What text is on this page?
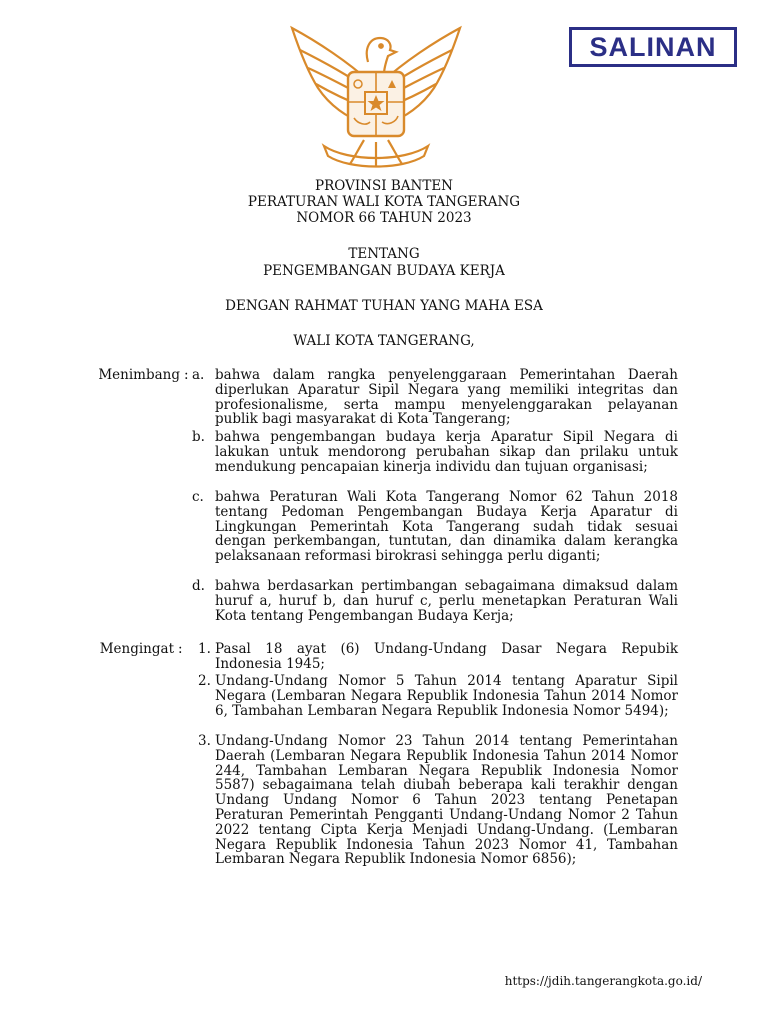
SALINAN
PROVINSI BANTEN
PERATURAN WALI KOTA TANGERANG
NOMOR 66 TAHUN 2023
TENTANG
PENGEMBANGAN BUDAYA KERJA
DENGAN RAHMAT TUHAN YANG MAHA ESA
WALI KOTA TANGERANG,
Menimbang : a. bahwa dalam rangka penyelenggaraan Pemerintahan Daerah diperlukan Aparatur Sipil Negara yang memiliki integritas dan profesionalisme, serta mampu menyelenggarakan pelayanan publik bagi masyarakat di Kota Tangerang;
b. bahwa pengembangan budaya kerja Aparatur Sipil Negara di lakukan untuk mendorong perubahan sikap dan prilaku untuk mendukung pencapaian kinerja individu dan tujuan organisasi;
c. bahwa Peraturan Wali Kota Tangerang Nomor 62 Tahun 2018 tentang Pedoman Pengembangan Budaya Kerja Aparatur di Lingkungan Pemerintah Kota Tangerang sudah tidak sesuai dengan perkembangan, tuntutan, dan dinamika dalam kerangka pelaksanaan reformasi birokrasi sehingga perlu diganti;
d. bahwa berdasarkan pertimbangan sebagaimana dimaksud dalam huruf a, huruf b, dan huruf c, perlu menetapkan Peraturan Wali Kota tentang Pengembangan Budaya Kerja;
Mengingat : 1. Pasal 18 ayat (6) Undang-Undang Dasar Negara Repubik Indonesia 1945;
2. Undang-Undang Nomor 5 Tahun 2014 tentang Aparatur Sipil Negara (Lembaran Negara Republik Indonesia Tahun 2014 Nomor 6, Tambahan Lembaran Negara Republik Indonesia Nomor 5494);
3. Undang-Undang Nomor 23 Tahun 2014 tentang Pemerintahan Daerah (Lembaran Negara Republik Indonesia Tahun 2014 Nomor 244, Tambahan Lembaran Negara Republik Indonesia Nomor 5587) sebagaimana telah diubah beberapa kali terakhir dengan Undang Undang Nomor 6 Tahun 2023 tentang Penetapan Peraturan Pemerintah Pengganti Undang-Undang Nomor 2 Tahun 2022 tentang Cipta Kerja Menjadi Undang-Undang. (Lembaran Negara Republik Indonesia Tahun 2023 Nomor 41, Tambahan Lembaran Negara Republik Indonesia Nomor 6856);
https://jdih.tangerangkota.go.id/
